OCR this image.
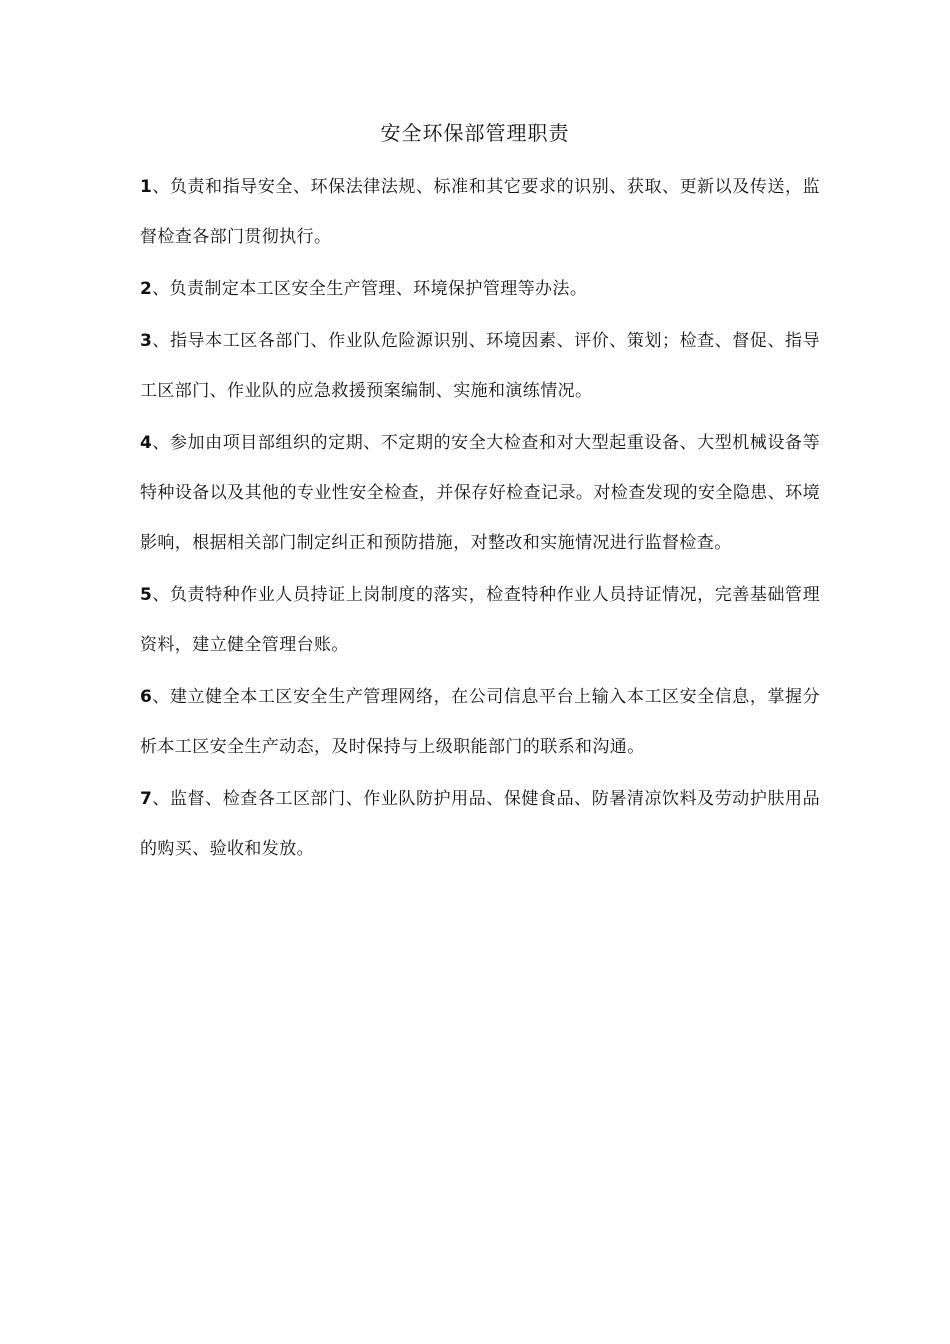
安全环保部管理职责

1、负责和指导安全、环保法律法规、标准和其它要求的识别、获取、更新以及传送，监督检查各部门贯彻执行。

2、负责制定本工区安全生产管理、环境保护管理等办法。

3、指导本工区各部门、作业队危险源识别、环境因素、评价、策划；检查、督促、指导工区部门、作业队的应急救援预案编制、实施和演练情况。

4、参加由项目部组织的定期、不定期的安全大检查和对大型起重设备、大型机械设备等特种设备以及其他的专业性安全检查，并保存好检查记录。对检查发现的安全隐患、环境影响，根据相关部门制定纠正和预防措施，对整改和实施情况进行监督检查。

5、负责特种作业人员持证上岗制度的落实，检查特种作业人员持证情况，完善基础管理资料，建立健全管理台账。

6、建立健全本工区安全生产管理网络，在公司信息平台上输入本工区安全信息，掌握分析本工区安全生产动态，及时保持与上级职能部门的联系和沟通。

7、监督、检查各工区部门、作业队防护用品、保健食品、防暑清凉饮料及劳动护肤用品的购买、验收和发放。
